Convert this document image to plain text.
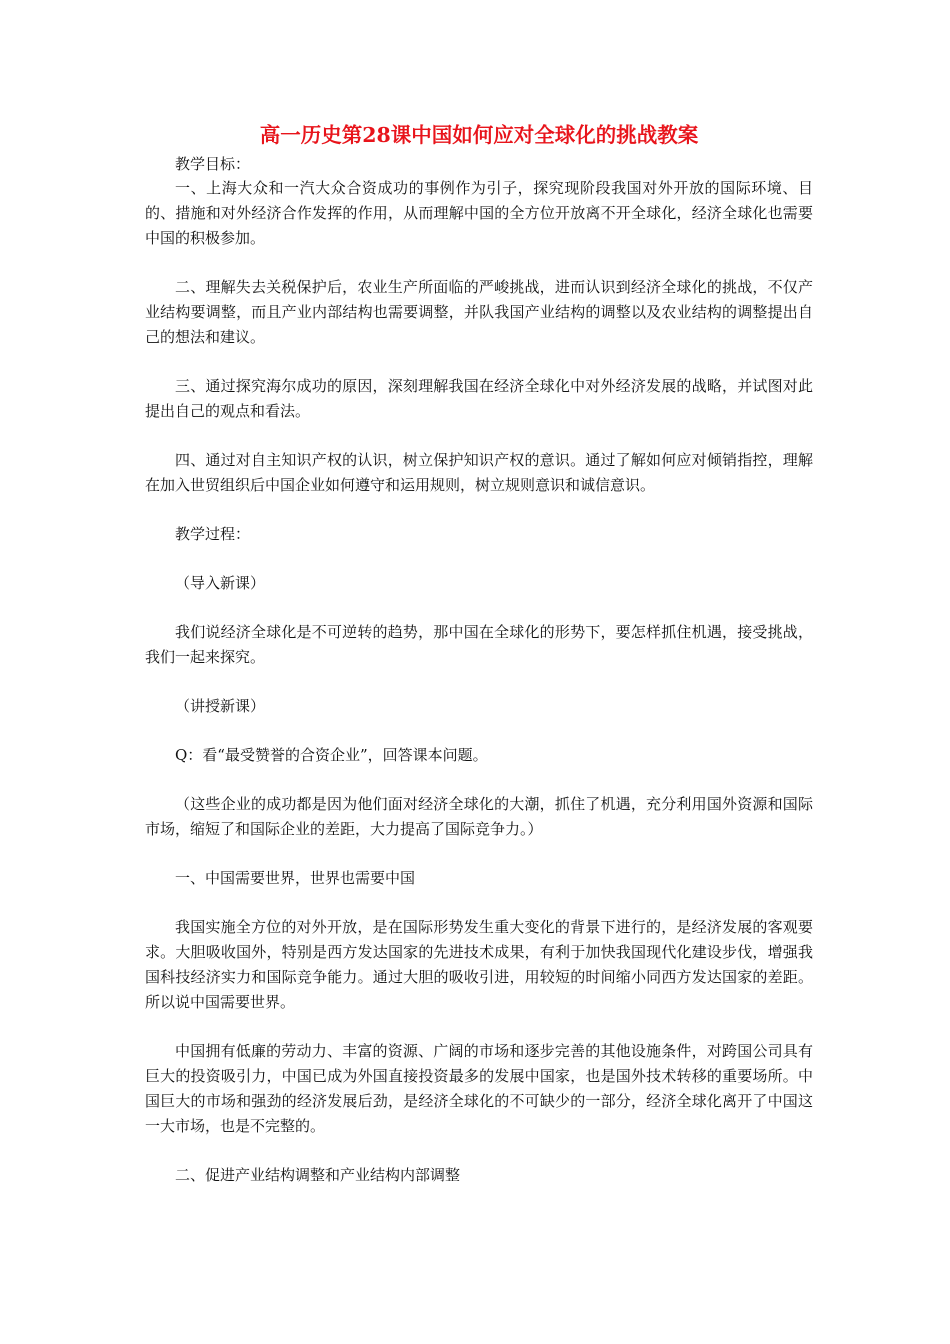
高一历史第28课中国如何应对全球化的挑战教案

教学目标：

一、上海大众和一汽大众合资成功的事例作为引子，探究现阶段我国对外开放的国际环境、目的、措施和对外经济合作发挥的作用，从而理解中国的全方位开放离不开全球化，经济全球化也需要中国的积极参加。

二、理解失去关税保护后，农业生产所面临的严峻挑战，进而认识到经济全球化的挑战，不仅产业结构要调整，而且产业内部结构也需要调整，并队我国产业结构的调整以及农业结构的调整提出自己的想法和建议。

三、通过探究海尔成功的原因，深刻理解我国在经济全球化中对外经济发展的战略，并试图对此提出自己的观点和看法。

四、通过对自主知识产权的认识，树立保护知识产权的意识。通过了解如何应对倾销指控，理解在加入世贸组织后中国企业如何遵守和运用规则，树立规则意识和诚信意识。

教学过程：

（导入新课）

我们说经济全球化是不可逆转的趋势，那中国在全球化的形势下，要怎样抓住机遇，接受挑战，我们一起来探究。

（讲授新课）

Q：看“最受赞誉的合资企业”，回答课本问题。

（这些企业的成功都是因为他们面对经济全球化的大潮，抓住了机遇，充分利用国外资源和国际市场，缩短了和国际企业的差距，大力提高了国际竞争力。）

一、中国需要世界，世界也需要中国

我国实施全方位的对外开放，是在国际形势发生重大变化的背景下进行的，是经济发展的客观要求。大胆吸收国外，特别是西方发达国家的先进技术成果，有利于加快我国现代化建设步伐，增强我国科技经济实力和国际竞争能力。通过大胆的吸收引进，用较短的时间缩小同西方发达国家的差距。所以说中国需要世界。

中国拥有低廉的劳动力、丰富的资源、广阔的市场和逐步完善的其他设施条件，对跨国公司具有巨大的投资吸引力，中国已成为外国直接投资最多的发展中国家，也是国外技术转移的重要场所。中国巨大的市场和强劲的经济发展后劲，是经济全球化的不可缺少的一部分，经济全球化离开了中国这一大市场，也是不完整的。

二、促进产业结构调整和产业结构内部调整
